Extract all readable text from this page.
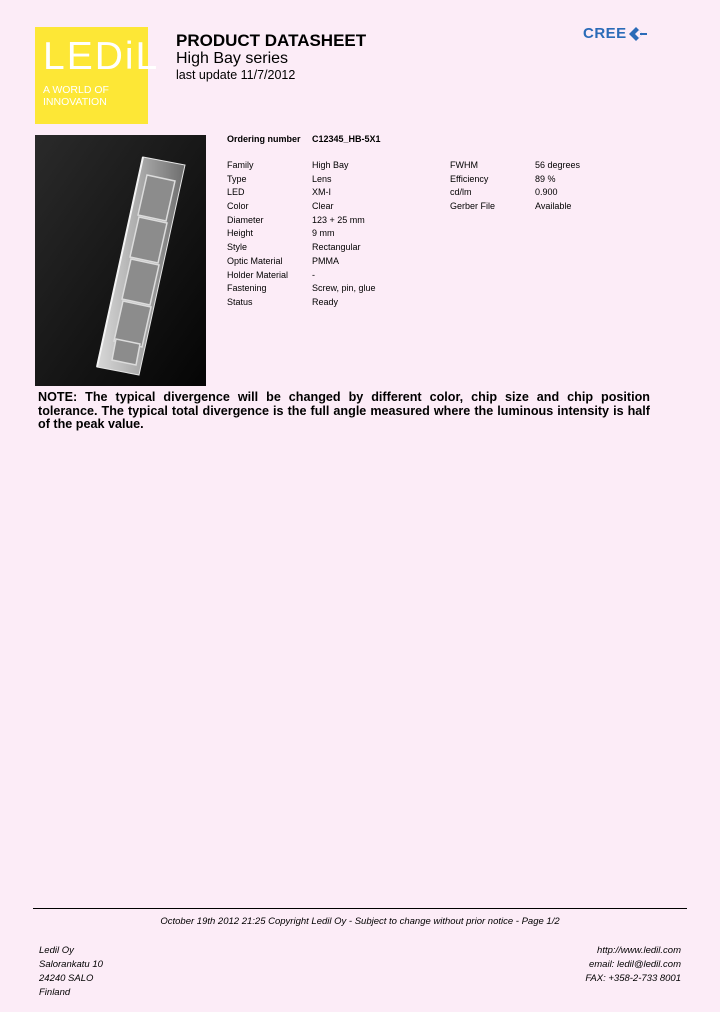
LEDiL
A WORLD OF
INNOVATION
PRODUCT DATASHEET
High Bay series
last update 11/7/2012
CREE
Ordering number C12345_HB-5X1
Family	High Bay
Type	Lens
LED	XM-I
Color	Clear
Diameter	123 + 25 mm
Height	9 mm
Style	Rectangular
Optic Material	PMMA
Holder Material	-
Fastening	Screw, pin, glue
Status	Ready
FWHM	56 degrees
Efficiency	89 %
cd/lm	0.900
Gerber File	Available
NOTE: The typical divergence will be changed by different color, chip size and chip position tolerance. The typical total divergence is the full angle measured where the luminous intensity is half of the peak value.
October 19th 2012 21:25 Copyright Ledil Oy - Subject to change without prior notice - Page 1/2
Ledil Oy
Salorankatu 10
24240 SALO
Finland
http://www.ledil.com
email: ledil@ledil.com
FAX: +358-2-733 8001
